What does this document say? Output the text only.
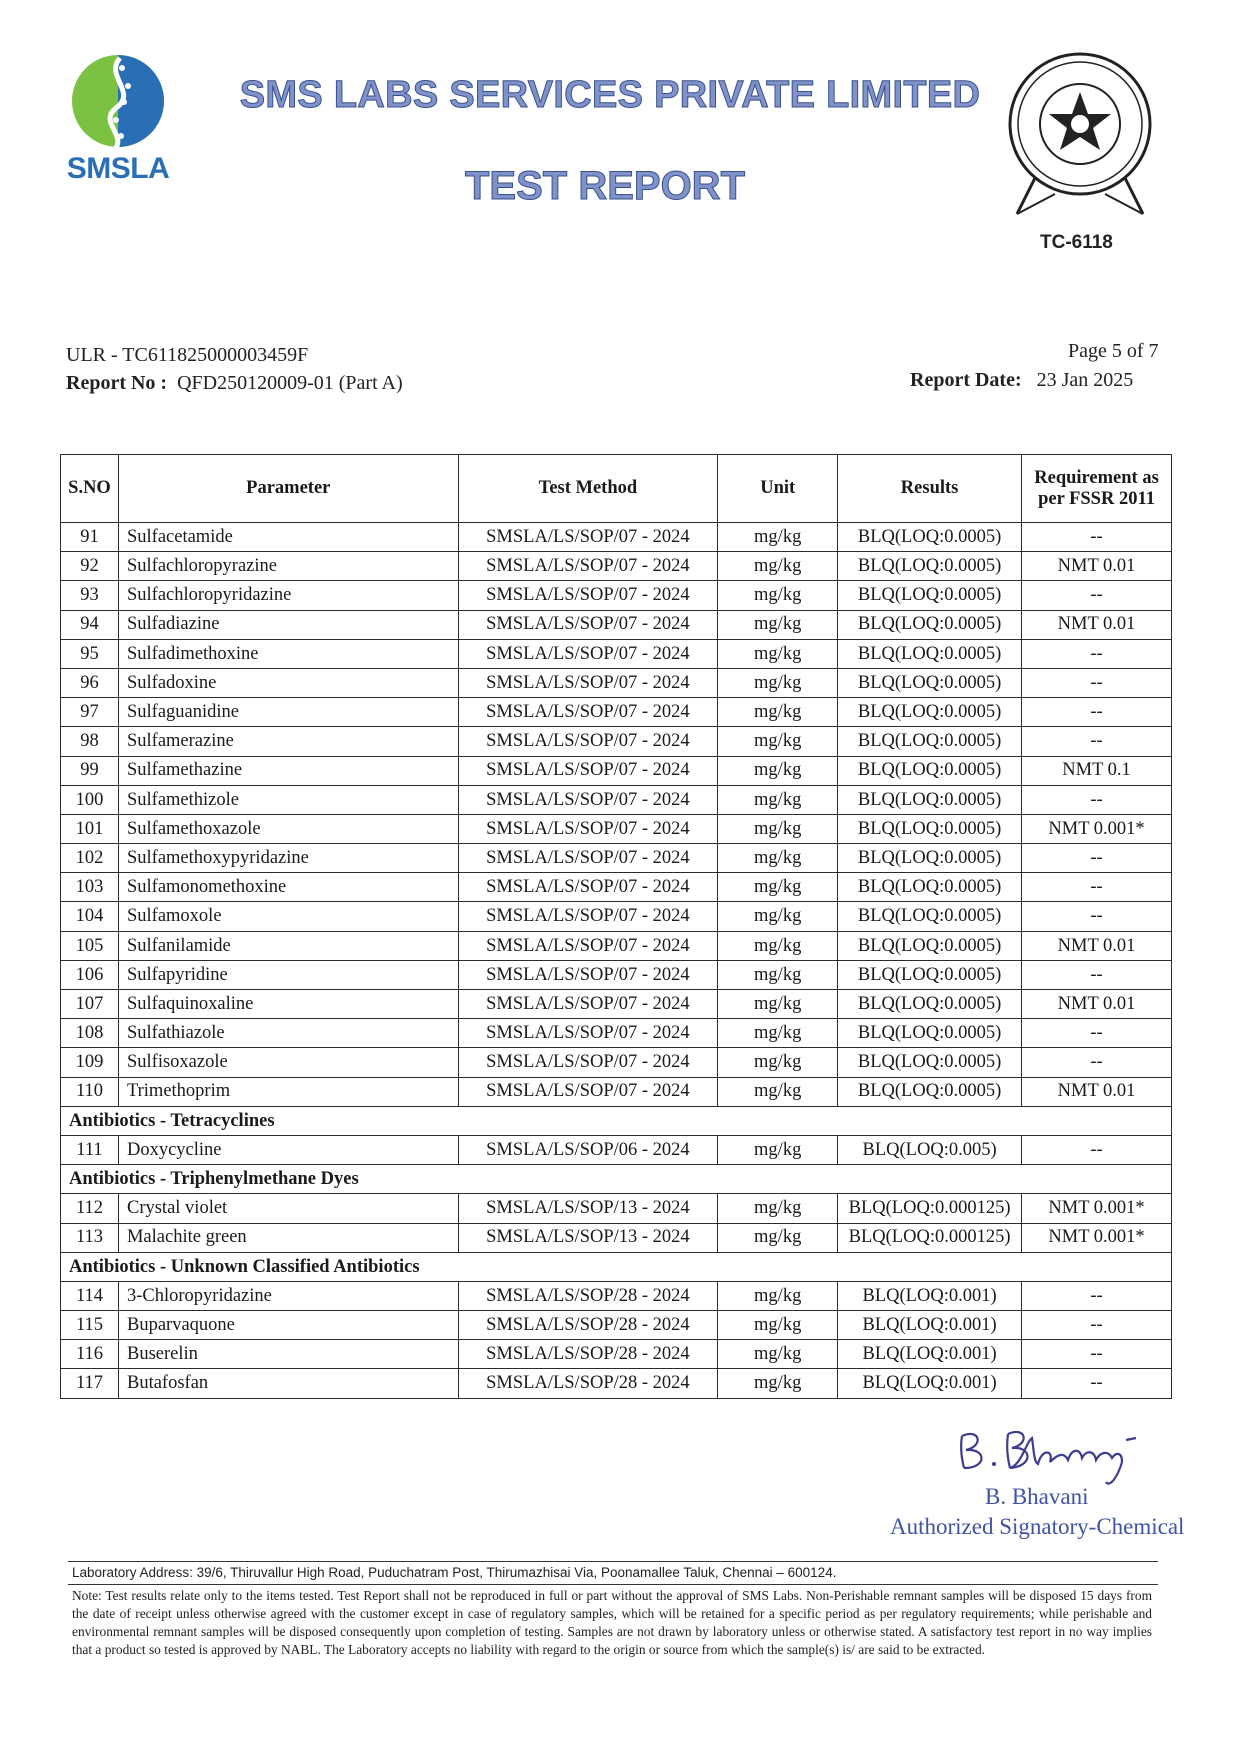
SMSLA
SMS LABS SERVICES PRIVATE LIMITED
TEST REPORT
TC-6118
ULR - TC611825000003459F
Report No : QFD250120009-01 (Part A)
Page 5 of 7
Report Date: 23 Jan 2025
S.NO	Parameter	Test Method	Unit	Results	Requirement as per FSSR 2011
91	Sulfacetamide	SMSLA/LS/SOP/07 - 2024	mg/kg	BLQ(LOQ:0.0005)	--
92	Sulfachloropyrazine	SMSLA/LS/SOP/07 - 2024	mg/kg	BLQ(LOQ:0.0005)	NMT 0.01
93	Sulfachloropyridazine	SMSLA/LS/SOP/07 - 2024	mg/kg	BLQ(LOQ:0.0005)	--
94	Sulfadiazine	SMSLA/LS/SOP/07 - 2024	mg/kg	BLQ(LOQ:0.0005)	NMT 0.01
95	Sulfadimethoxine	SMSLA/LS/SOP/07 - 2024	mg/kg	BLQ(LOQ:0.0005)	--
96	Sulfadoxine	SMSLA/LS/SOP/07 - 2024	mg/kg	BLQ(LOQ:0.0005)	--
97	Sulfaguanidine	SMSLA/LS/SOP/07 - 2024	mg/kg	BLQ(LOQ:0.0005)	--
98	Sulfamerazine	SMSLA/LS/SOP/07 - 2024	mg/kg	BLQ(LOQ:0.0005)	--
99	Sulfamethazine	SMSLA/LS/SOP/07 - 2024	mg/kg	BLQ(LOQ:0.0005)	NMT 0.1
100	Sulfamethizole	SMSLA/LS/SOP/07 - 2024	mg/kg	BLQ(LOQ:0.0005)	--
101	Sulfamethoxazole	SMSLA/LS/SOP/07 - 2024	mg/kg	BLQ(LOQ:0.0005)	NMT 0.001*
102	Sulfamethoxypyridazine	SMSLA/LS/SOP/07 - 2024	mg/kg	BLQ(LOQ:0.0005)	--
103	Sulfamonomethoxine	SMSLA/LS/SOP/07 - 2024	mg/kg	BLQ(LOQ:0.0005)	--
104	Sulfamoxole	SMSLA/LS/SOP/07 - 2024	mg/kg	BLQ(LOQ:0.0005)	--
105	Sulfanilamide	SMSLA/LS/SOP/07 - 2024	mg/kg	BLQ(LOQ:0.0005)	NMT 0.01
106	Sulfapyridine	SMSLA/LS/SOP/07 - 2024	mg/kg	BLQ(LOQ:0.0005)	--
107	Sulfaquinoxaline	SMSLA/LS/SOP/07 - 2024	mg/kg	BLQ(LOQ:0.0005)	NMT 0.01
108	Sulfathiazole	SMSLA/LS/SOP/07 - 2024	mg/kg	BLQ(LOQ:0.0005)	--
109	Sulfisoxazole	SMSLA/LS/SOP/07 - 2024	mg/kg	BLQ(LOQ:0.0005)	--
110	Trimethoprim	SMSLA/LS/SOP/07 - 2024	mg/kg	BLQ(LOQ:0.0005)	NMT 0.01
Antibiotics - Tetracyclines					
111	Doxycycline	SMSLA/LS/SOP/06 - 2024	mg/kg	BLQ(LOQ:0.005)	--
Antibiotics - Triphenylmethane Dyes					
112	Crystal violet	SMSLA/LS/SOP/13 - 2024	mg/kg	BLQ(LOQ:0.000125)	NMT 0.001*
113	Malachite green	SMSLA/LS/SOP/13 - 2024	mg/kg	BLQ(LOQ:0.000125)	NMT 0.001*
Antibiotics - Unknown Classified Antibiotics					
114	3-Chloropyridazine	SMSLA/LS/SOP/28 - 2024	mg/kg	BLQ(LOQ:0.001)	--
115	Buparvaquone	SMSLA/LS/SOP/28 - 2024	mg/kg	BLQ(LOQ:0.001)	--
116	Buserelin	SMSLA/LS/SOP/28 - 2024	mg/kg	BLQ(LOQ:0.001)	--
117	Butafosfan	SMSLA/LS/SOP/28 - 2024	mg/kg	BLQ(LOQ:0.001)	--
B. Bhavani
Authorized Signatory-Chemical
Laboratory Address: 39/6, Thiruvallur High Road, Puduchatram Post, Thirumazhisai Via, Poonamallee Taluk, Chennai – 600124.
Note: Test results relate only to the items tested. Test Report shall not be reproduced in full or part without the approval of SMS Labs. Non-Perishable remnant samples will be disposed 15 days from the date of receipt unless otherwise agreed with the customer except in case of regulatory samples, which will be retained for a specific period as per regulatory requirements; while perishable and environmental remnant samples will be disposed consequently upon completion of testing. Samples are not drawn by laboratory unless or otherwise stated. A satisfactory test report in no way implies that a product so tested is approved by NABL. The Laboratory accepts no liability with regard to the origin or source from which the sample(s) is/ are said to be extracted.
